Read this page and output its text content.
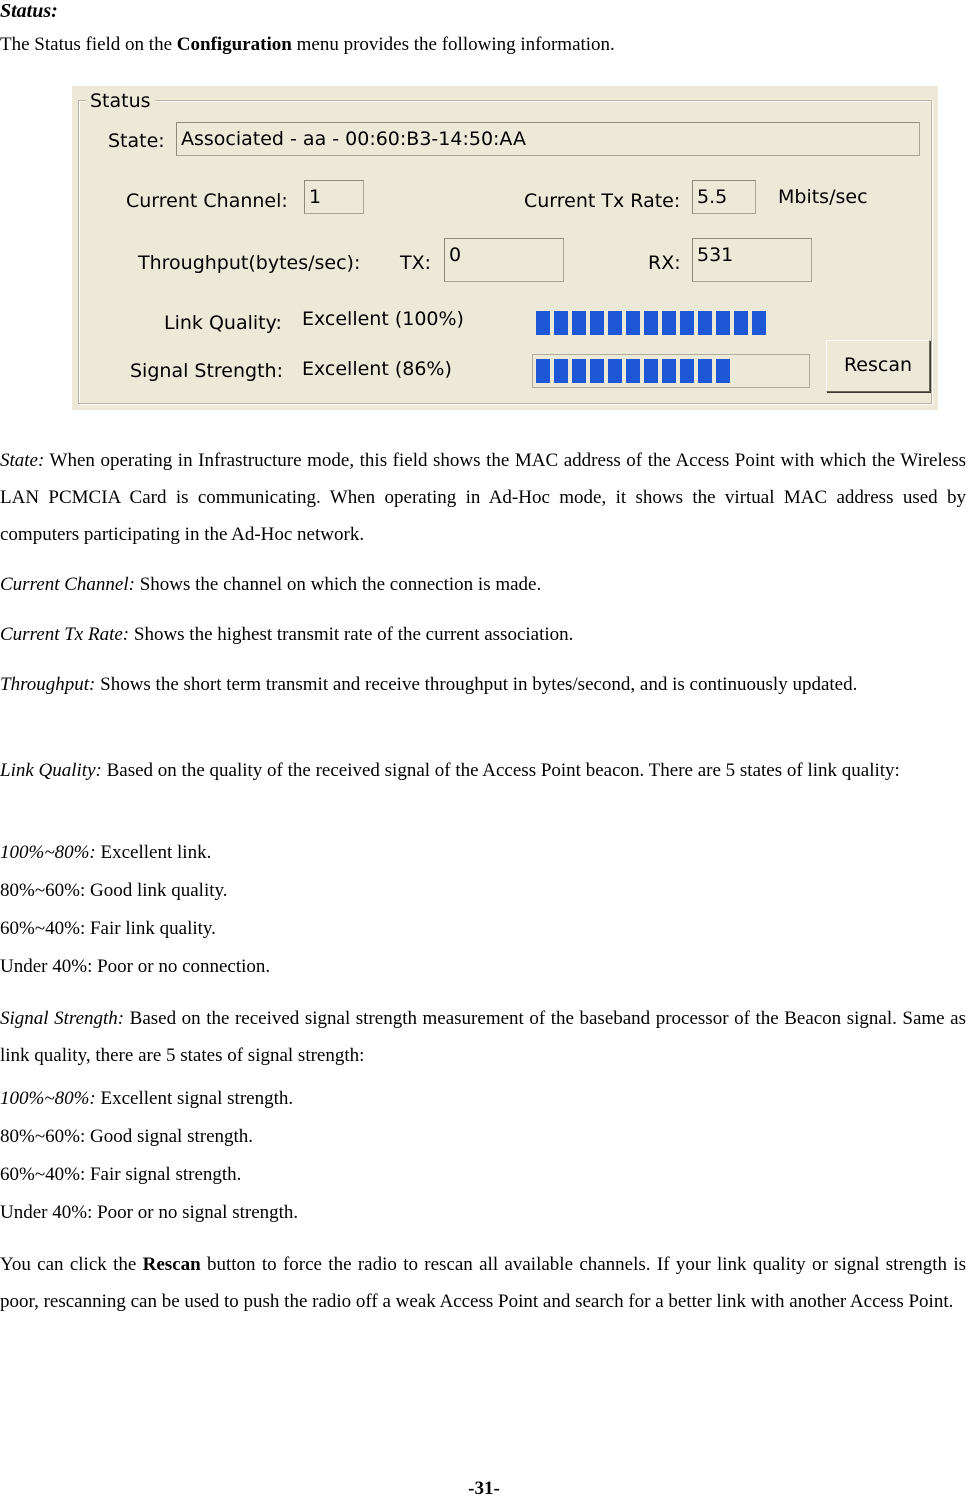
Status:
The Status field on the Configuration menu provides the following information.
Status
State: Associated - aa - 00:60:B3-14:50:AA
Current Channel: 1	Current Tx Rate: 5.5	Mbits/sec
Throughput(bytes/sec): TX: 0	RX: 531
Link Quality: Excellent (100%)
Signal Strength: Excellent (86%)	Rescan
State: When operating in Infrastructure mode, this field shows the MAC address of the Access Point with which the Wireless LAN PCMCIA Card is communicating. When operating in Ad-Hoc mode, it shows the virtual MAC address used by computers participating in the Ad-Hoc network.
Current Channel: Shows the channel on which the connection is made.
Current Tx Rate: Shows the highest transmit rate of the current association.
Throughput: Shows the short term transmit and receive throughput in bytes/second, and is continuously updated.
Link Quality: Based on the quality of the received signal of the Access Point beacon. There are 5 states of link quality:
100%~80%: Excellent link.
80%~60%: Good link quality.
60%~40%: Fair link quality.
Under 40%: Poor or no connection.
Signal Strength: Based on the received signal strength measurement of the baseband processor of the Beacon signal. Same as link quality, there are 5 states of signal strength:
100%~80%: Excellent signal strength.
80%~60%: Good signal strength.
60%~40%: Fair signal strength.
Under 40%: Poor or no signal strength.
You can click the Rescan button to force the radio to rescan all available channels. If your link quality or signal strength is poor, rescanning can be used to push the radio off a weak Access Point and search for a better link with another Access Point.
-31-
